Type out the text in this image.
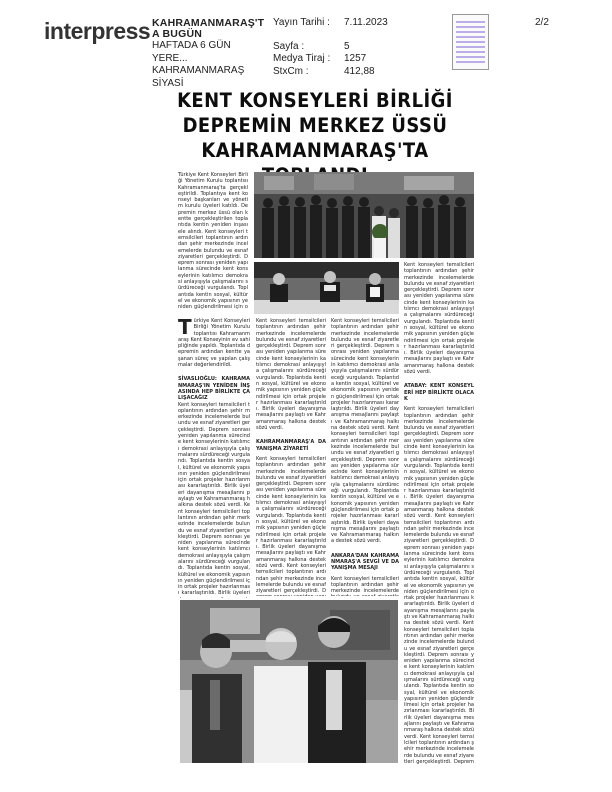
interpress KAHRAMANMARAŞ'T
A BUGÜN
HAFTADA 6 GÜN YERE...
KAHRAMANMARAŞ
SİYASİ
Yayın Tarihi :
Sayfa :
Medya Tiraj :
StxCm :
7.11.2023
5
1257
412,88
2/2
KENT KONSEYLERİ BİRLİĞİ
DEPREMİN MERKEZ ÜSSÜ
KAHRAMANMARAŞ'TA
Türkiye Kent Konseyleri Birliği Yönetim Kurulu toplantısı Kahramanmaraş'ta gerçekleştirildi. Toplantıya kent konseyi başkanları ve yönetim kurulu üyeleri katıldı. Depremin merkez üssü olan kentte gerçekleştirilen toplantıda kentin yeniden inşası ele alındı. Kent konseyleri temsilcileri toplantının ardından şehir merkezinde incelemelerde bulundu ve esnaf ziyaretleri gerçekleştirdi. Deprem sonrası yeniden yapılanma sürecinde kent konseylerinin katılımcı demokrasi anlayışıyla çalışmalarını sürdüreceği vurgulandı. Toplantıda kentin sosyal, kültürel ve ekonomik yapısının yeniden güçlendirilmesi için o
T ürkiye Kent Konseyleri Birliği Yönetim Kurulu toplantısı Kahramanmaraş Kent Konseyinin ev sahipliğinde yapıldı. Toplantıda depremin ardından kentte yaşanan süreç ve yapılan çalışmalar değerlendirildi.
SİVASLIOĞLU: KAHRAMANMARAŞ'IN YENİDEN İNŞASINDA HEP BİRLİKTE ÇALIŞACAĞIZ
Kent konseyleri temsilcileri toplantının ardından şehir merkezinde incelemelerde bulundu ve esnaf ziyaretleri gerçekleştirdi. Deprem sonrası yeniden yapılanma sürecinde kent konseylerinin katılımcı demokrasi anlayışıyla çalışmalarını sürdüreceği vurgulandı. Toplantıda kentin sosyal, kültürel ve ekonomik yapısının yeniden güçlendirilmesi için ortak projeler hazırlanması kararlaştırıldı. Birlik üyeleri dayanışma mesajlarını paylaştı ve Kahramanmaraş halkına destek sözü verdi. Kent konseyleri temsilcileri toplantının ardından şehir merkezinde incelemelerde bulundu ve esnaf ziyaretleri gerçekleştirdi. Deprem sonrası yeniden yapılanma sürecinde kent konseylerinin katılımcı demokrasi anlayışıyla çalışmalarını sürdüreceği vurgulandı. Toplantıda kentin sosyal, kültürel ve ekonomik yapısının yeniden güçlendirilmesi için ortak projeler hazırlanması kararlaştırıldı. Birlik üyeleri
Kent konseyleri temsilcileri toplantının ardından şehir merkezinde incelemelerde bulundu ve esnaf ziyaretleri gerçekleştirdi. Deprem sonrası yeniden yapılanma sürecinde kent konseylerinin katılımcı demokrasi anlayışıyla çalışmalarını sürdüreceği vurgulandı. Toplantıda kentin sosyal, kültürel ve ekonomik yapısının yeniden güçlendirilmesi için ortak projeler hazırlanması kararlaştırıldı. Birlik üyeleri dayanışma mesajlarını paylaştı ve Kahramanmaraş halkına destek sözü verdi.
KAHRAMANMARAŞ'A DAYANIŞMA ZİYARETİ
Kent konseyleri temsilcileri toplantının ardından şehir merkezinde incelemelerde bulundu ve esnaf ziyaretleri gerçekleştirdi. Deprem sonrası yeniden yapılanma sürecinde kent konseylerinin katılımcı demokrasi anlayışıyla çalışmalarını sürdüreceği vurgulandı. Toplantıda kentin sosyal, kültürel ve ekonomik yapısının yeniden güçlendirilmesi için ortak projeler hazırlanması kararlaştırıldı. Birlik üyeleri dayanışma mesajlarını paylaştı ve Kahramanmaraş halkına destek sözü verdi. Kent konseyleri temsilcileri toplantının ardından şehir merkezinde incelemelerde bulundu ve esnaf ziyaretleri gerçekleştirdi. D
Kent konseyleri temsilcileri toplantının ardından şehir merkezinde incelemelerde bulundu ve esnaf ziyaretleri gerçekleştirdi. Deprem sonrası yeniden yapılanma sürecinde kent konseylerinin katılımcı demokrasi anlayışıyla çalışmalarını sürdüreceği vurgulandı. Toplantıda kentin sosyal, kültürel ve ekonomik yapısının yeniden güçlendirilmesi için ortak projeler hazırlanması kararlaştırıldı. Birlik üyeleri dayanışma mesajlarını paylaştı ve Kahramanmaraş halkına destek sözü verdi. Kent konseyleri temsilcileri toplantının ardından şehir merkezinde incelemelerde bulundu ve esnaf ziyaretleri gerçekleştirdi. Deprem sonrası yeniden yapılanma sürecinde kent konseylerinin katılımcı demokrasi anlayışıyla çalışmalarını sürdüreceği vurgulandı. Toplantıda kentin sosyal, kültürel ve ekonomik yapısının yeniden güçlendirilmesi için ortak projeler hazırlanması kararlaştırıldı. Birlik üyeleri dayanışma mesajlarını paylaştı ve Kahramanmaraş halkına destek sözü verdi.
ANKARA'DAN KAHRAMANMARAŞ'A SEVGİ VE DAYANIŞMA MESAJI
Kent konseyleri temsilcileri toplantının ardından şehir merkezinde incelemelerde
Kent konseyleri temsilcileri toplantının ardından şehir merkezinde incelemelerde bulundu ve esnaf ziyaretleri gerçekleştirdi. Deprem sonrası yeniden yapılanma sürecinde kent konseylerinin katılımcı demokrasi anlayışıyla çalışmalarını sürdüreceği vurgulandı. Toplantıda kentin sosyal, kültürel ve ekonomik yapısının yeniden güçlendirilmesi için ortak projeler hazırlanması kararlaştırıldı. Birlik üyeleri dayanışma mesajlarını paylaştı ve Kahramanmaraş halkına destek sözü verdi.
ATABAY: KENT KONSEYLERİ HEP BİRLİKTE OLACAK
Kent konseyleri temsilcileri toplantının ardından şehir merkezinde incelemelerde bulundu ve esnaf ziyaretleri gerçekleştirdi. Deprem sonrası yeniden yapılanma sürecinde kent konseylerinin katılımcı demokrasi anlayışıyla çalışmalarını sürdüreceği vurgulandı. Toplantıda kentin sosyal, kültürel ve ekonomik yapısının yeniden güçlendirilmesi için ortak projeler hazırlanması kararlaştırıldı. Birlik üyeleri dayanışma mesajlarını paylaştı ve Kahramanmaraş halkına destek sözü verdi. Kent konseyleri temsilcileri toplantının ardından şehir merkezinde incelemelerde bulundu ve esnaf ziyaretleri gerçekleştirdi. Deprem sonrası yeniden yapılanma sürecinde kent konseylerinin katılımcı demokrasi anlayışıyla çalışmalarını sürdüreceği vurgulandı. Toplantıda kentin sosyal, kültürel ve ekonomik yapısının yeniden güçlendirilmesi için ortak projeler hazırlanması kararlaştırıldı. Birlik üyeleri dayanışma mesajlarını paylaştı ve Kahramanmaraş halkına destek sözü verdi. Kent konseyleri temsilcileri toplantının ardından şehir merkezinde incelemelerde bulundu ve esnaf ziyaretleri gerçekleştirdi. Deprem sonrası yeniden yapılanma sürecinde kent konseylerinin katılımcı demokrasi anlayışıyla çalışmalarını sürdüreceği vurgulandı. Toplantıda kentin sosyal, kültürel ve ekonomik yapısının yeniden güçlendirilmesi için ortak projeler hazırlanması kararlaştırıldı. Birlik üyeleri dayanışma mesajlarını paylaştı ve Kahramanmaraş halkına destek sözü verdi. Kent konseyleri temsilcileri toplantının ardından şehir merkezinde incelemelerde bulundu ve esnaf ziyaretleri gerçekleştirdi. Deprem
